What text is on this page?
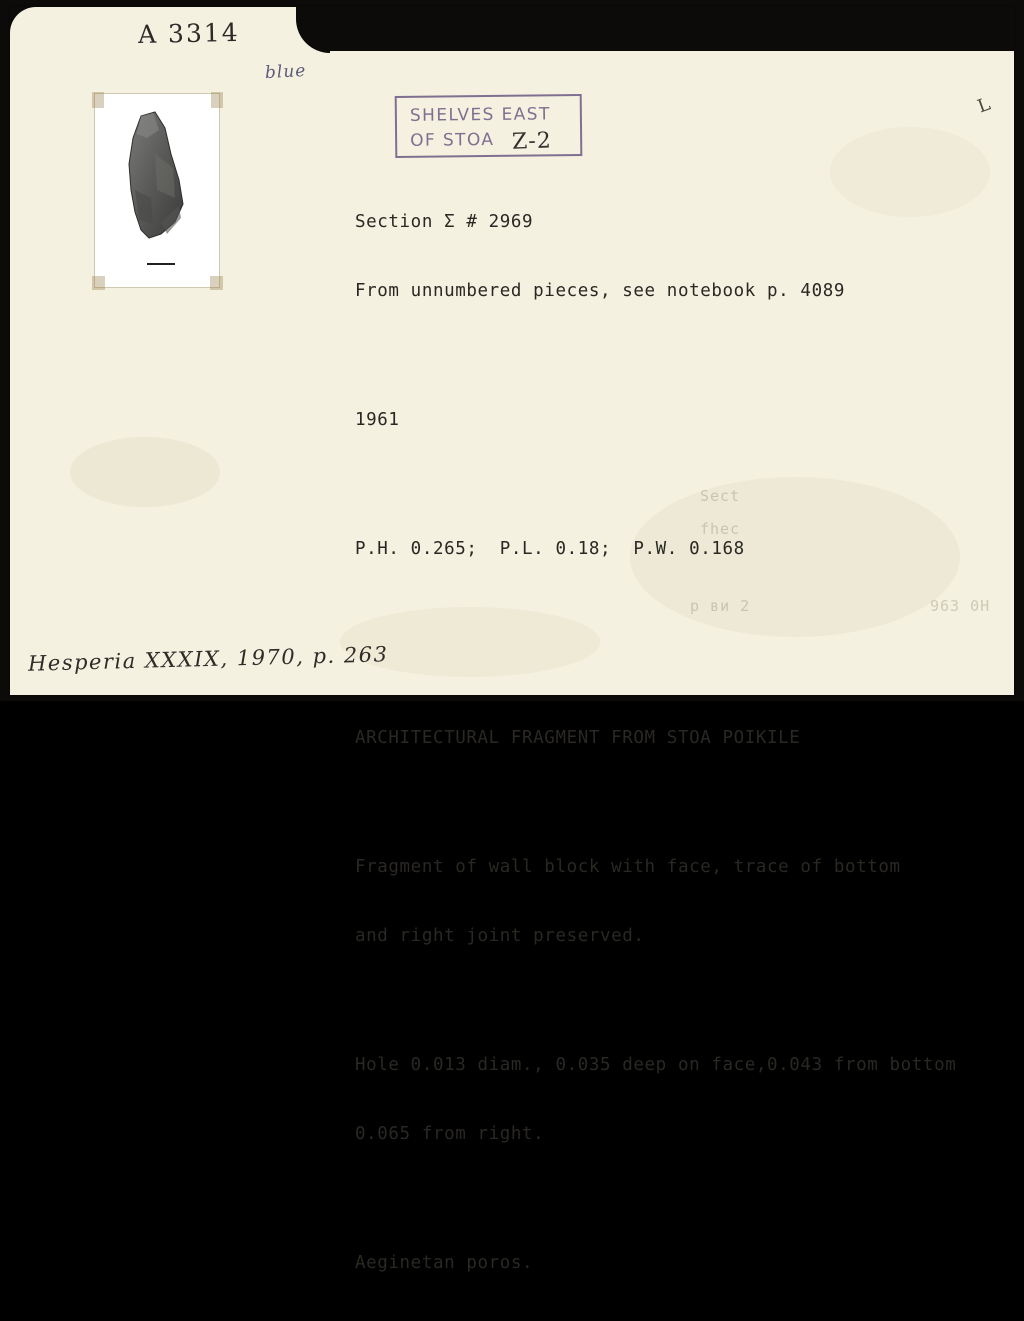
A 3314
blue
L
SHELVES EAST
OF STOA Z-2

Section Σ # 2969

From unnumbered pieces, see notebook p. 4089

1961

P.H. 0.265;  P.L. 0.18;  P.W. 0.168

ARCHITECTURAL FRAGMENT FROM STOA POIKILE

Fragment of wall block with face, trace of bottom

and right joint preserved.

Hole 0.013 diam., 0.035 deep on face,0.043 from bottom

0.065 from right.

Aeginetan poros.

Sect
fhec
p ви 2	963 0Н
Hesperia XXXIX, 1970, p. 263
